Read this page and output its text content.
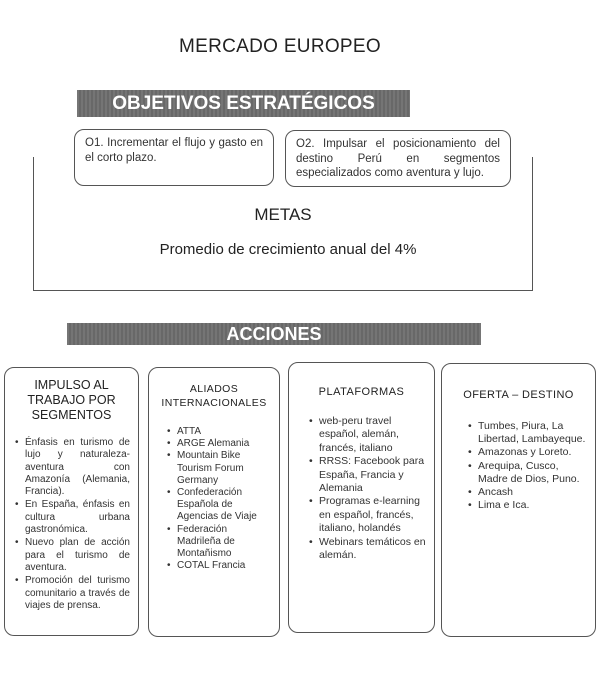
MERCADO EUROPEO
OBJETIVOS ESTRATÉGICOS
O1. Incrementar el flujo y gasto en el corto plazo.
O2. Impulsar el posicionamiento del destino Perú en segmentos especializados como aventura y lujo.
METAS
Promedio de crecimiento anual del 4%
ACCIONES
IMPULSO AL TRABAJO POR SEGMENTOS
• Énfasis en turismo de lujo y naturaleza-aventura con Amazonía (Alemania, Francia).
• En España, énfasis en cultura urbana gastronómica.
• Nuevo plan de acción para el turismo de aventura.
• Promoción del turismo comunitario a través de viajes de prensa.
ALIADOS INTERNACIONALES
• ATTA
• ARGE Alemania
• Mountain Bike Tourism Forum Germany
• Confederación Española de Agencias de Viaje
• Federación Madrileña de Montañismo
• COTAL Francia
PLATAFORMAS
• web-peru travel español, alemán, francés, italiano
• RRSS: Facebook para España, Francia y Alemania
• Programas e-learning en español, francés, italiano, holandés
• Webinars temáticos en alemán.
OFERTA – DESTINO
• Tumbes, Piura, La Libertad, Lambayeque.
• Amazonas y Loreto.
• Arequipa, Cusco, Madre de Dios, Puno.
• Ancash
• Lima e Ica.
